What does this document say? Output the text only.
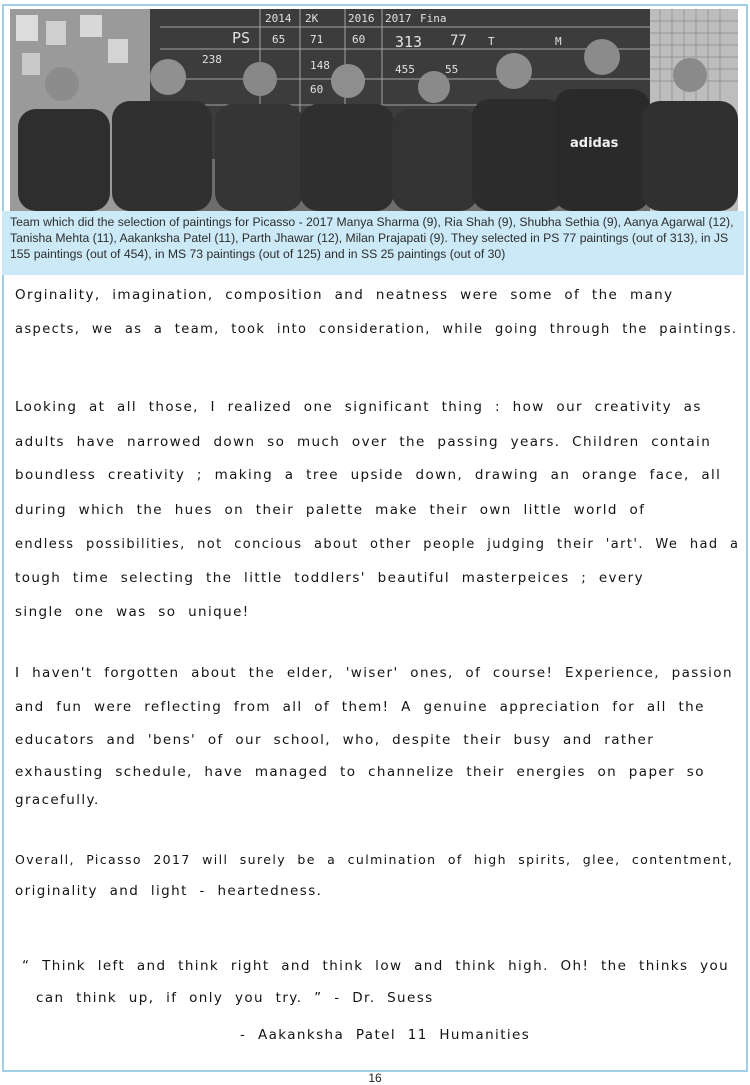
2014 2K	2016 2017 Fina
PS 65 71	60 313 77
455	55
238	148
60
T	M
adidas
Team which did the selection of paintings for Picasso - 2017 Manya Sharma (9), Ria Shah (9), Shubha Sethia (9), Aanya Agarwal (12), Tanisha Mehta (11), Aakanksha Patel (11), Parth Jhawar (12), Milan Prajapati (9). They selected in PS 77 paintings (out of 313), in JS 155 paintings (out of 454), in MS 73 paintings (out of 125) and in SS 25 paintings (out of 30)
Orginality, imagination, composition and neatness were some of the many
aspects, we as a team, took into consideration, while going through the paintings.
Looking at all those, I realized one significant thing : how our creativity as
adults have narrowed down so much over the passing years. Children contain
boundless creativity ; making a tree upside down, drawing an orange face, all
during which the hues on their palette make their own little world of
endless possibilities, not concious about other people judging their 'art'. We had a
tough time selecting the little toddlers' beautiful masterpeices ; every
single one was so unique!
I haven't forgotten about the elder, 'wiser' ones, of course! Experience, passion
and fun were reflecting from all of them! A genuine appreciation for all the
educators and 'bens' of our school, who, despite their busy and rather
exhausting schedule, have managed to channelize their energies on paper so
gracefully.
Overall, Picasso 2017 will surely be a culmination of high spirits, glee, contentment,
originality and light - heartedness.
“ Think left and think right and think low and think high. Oh! the thinks you
can think up, if only you try. ” - Dr. Suess
- Aakanksha Patel 11 Humanities
16
